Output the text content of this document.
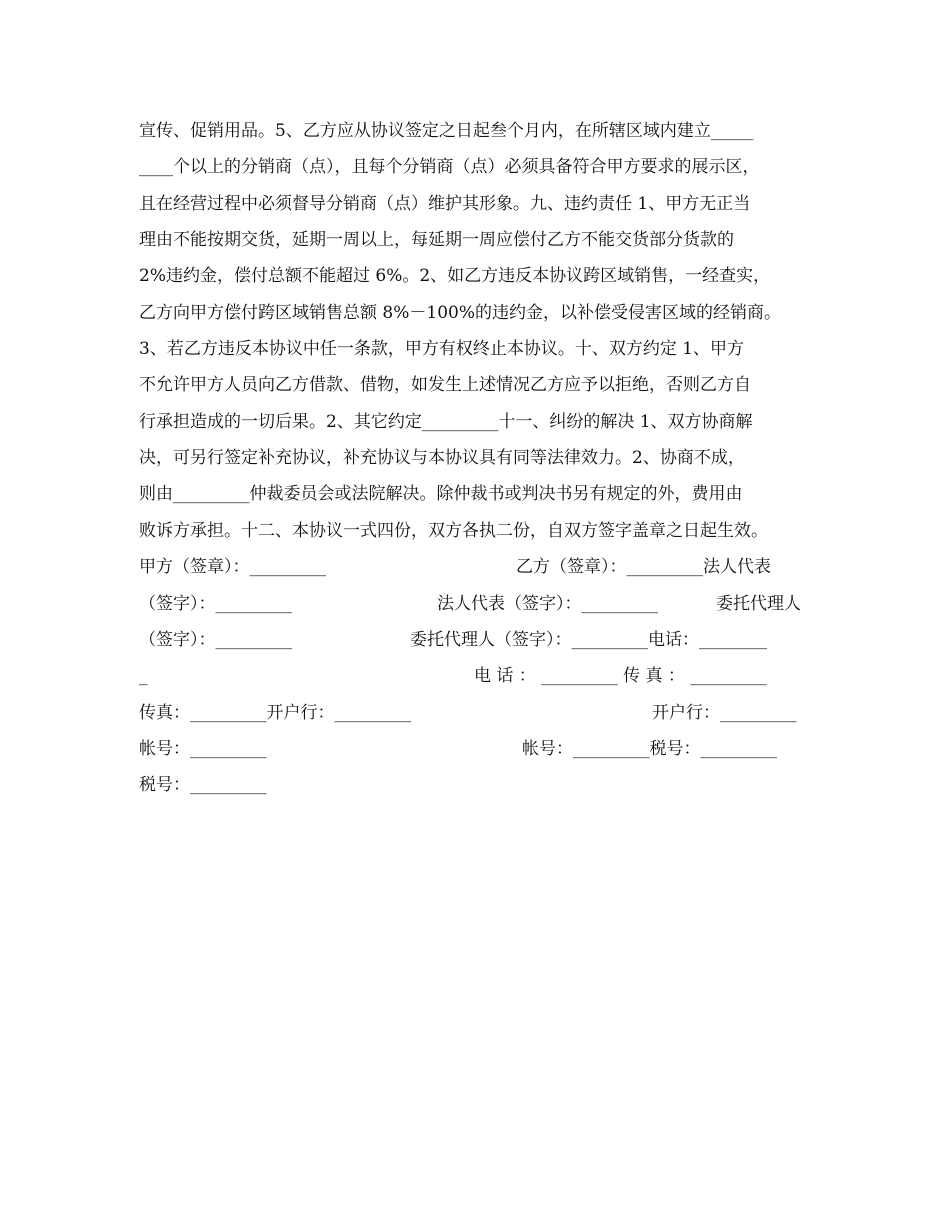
宣传、促销用品。5、乙方应从协议签定之日起叁个月内，在所辖区域内建立_____
____个以上的分销商（点），且每个分销商（点）必须具备符合甲方要求的展示区，
且在经营过程中必须督导分销商（点）维护其形象。九、违约责任 1、甲方无正当
理由不能按期交货，延期一周以上，每延期一周应偿付乙方不能交货部分货款的
2%违约金，偿付总额不能超过 6%。2、如乙方违反本协议跨区域销售，一经查实，
乙方向甲方偿付跨区域销售总额 8%－100%的违约金，以补偿受侵害区域的经销商。
3、若乙方违反本协议中任一条款，甲方有权终止本协议。十、双方约定 1、甲方
不允许甲方人员向乙方借款、借物，如发生上述情况乙方应予以拒绝，否则乙方自
行承担造成的一切后果。2、其它约定_________十一、纠纷的解决 1、双方协商解
决，可另行签定补充协议，补充协议与本协议具有同等法律效力。2、协商不成，
则由_________仲裁委员会或法院解决。除仲裁书或判决书另有规定的外，费用由
败诉方承担。十二、本协议一式四份，双方各执二份，自双方签字盖章之日起生效。
甲方（签章）：_________	乙方（签章）：_________法人代表
（签字）：_________	法人代表（签字）：_________	委托代理人
（签字）：_________	委托代理人（签字）：_________电话：________
_	电 话 ： _________ 传 真 ： _________
传真：_________开户行：_________	开户行：_________
帐号：_________	帐号：_________税号：_________
税号：_________
